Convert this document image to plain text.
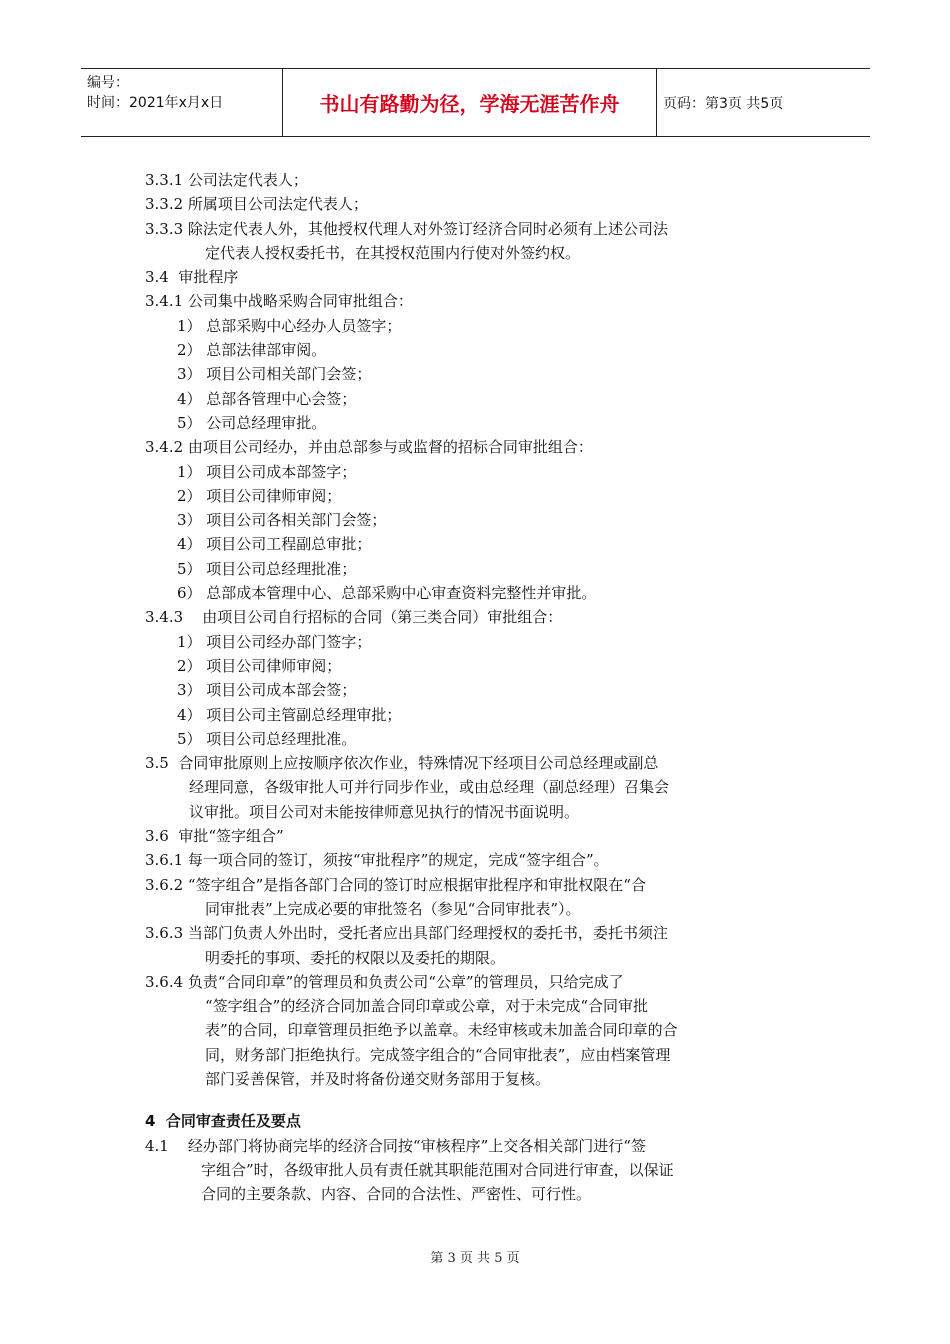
编号：
时间：2021年x月x日	书山有路勤为径，学海无涯苦作舟	页码：第3页 共5页
3.3.1 公司法定代表人；
3.3.2 所属项目公司法定代表人；
3.3.3 除法定代表人外，其他授权代理人对外签订经济合同时必须有上述公司法
定代表人授权委托书，在其授权范围内行使对外签约权。
3.4  审批程序
3.4.1 公司集中战略采购合同审批组合：
1） 总部采购中心经办人员签字；
2） 总部法律部审阅。
3） 项目公司相关部门会签；
4） 总部各管理中心会签；
5） 公司总经理审批。
3.4.2 由项目公司经办，并由总部参与或监督的招标合同审批组合：
1） 项目公司成本部签字；
2） 项目公司律师审阅；
3） 项目公司各相关部门会签；
4） 项目公司工程副总审批；
5） 项目公司总经理批准；
6） 总部成本管理中心、总部采购中心审查资料完整性并审批。
3.4.3    由项目公司自行招标的合同（第三类合同）审批组合：
1） 项目公司经办部门签字；
2） 项目公司律师审阅；
3） 项目公司成本部会签；
4） 项目公司主管副总经理审批；
5） 项目公司总经理批准。
3.5  合同审批原则上应按顺序依次作业，特殊情况下经项目公司总经理或副总
经理同意，各级审批人可并行同步作业，或由总经理（副总经理）召集会
议审批。项目公司对未能按律师意见执行的情况书面说明。
3.6  审批“签字组合”
3.6.1 每一项合同的签订，须按“审批程序”的规定，完成“签字组合”。
3.6.2 “签字组合”是指各部门合同的签订时应根据审批程序和审批权限在“合
同审批表”上完成必要的审批签名（参见“合同审批表”）。
3.6.3 当部门负责人外出时，受托者应出具部门经理授权的委托书，委托书须注
明委托的事项、委托的权限以及委托的期限。
3.6.4 负责“合同印章”的管理员和负责公司“公章”的管理员，只给完成了
“签字组合”的经济合同加盖合同印章或公章，对于未完成“合同审批
表”的合同，印章管理员拒绝予以盖章。未经审核或未加盖合同印章的合
同，财务部门拒绝执行。完成签字组合的“合同审批表”，应由档案管理
部门妥善保管，并及时将备份递交财务部用于复核。
4  合同审查责任及要点
4.1    经办部门将协商完毕的经济合同按“审核程序”上交各相关部门进行“签
字组合”时，各级审批人员有责任就其职能范围对合同进行审查，以保证
合同的主要条款、内容、合同的合法性、严密性、可行性。
第 3 页 共 5 页
